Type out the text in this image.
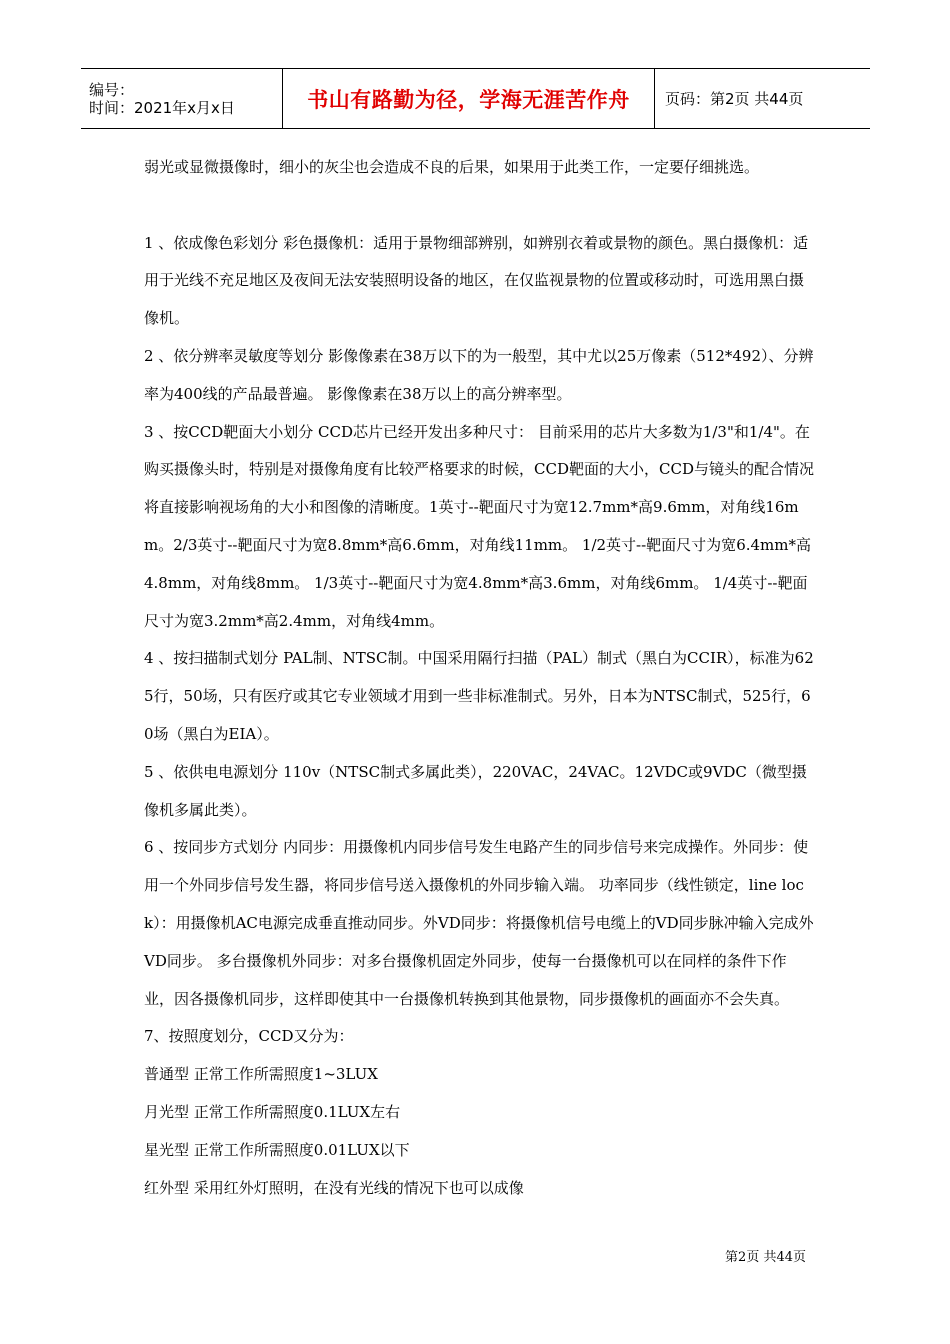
编号：
时间：2021年x月x日	书山有路勤为径，学海无涯苦作舟	页码：第2页 共44页

弱光或显微摄像时，细小的灰尘也会造成不良的后果，如果用于此类工作，一定要仔细挑选。

1 、依成像色彩划分 彩色摄像机：适用于景物细部辨别，如辨别衣着或景物的颜色。黑白摄像机：适用于光线不充足地区及夜间无法安装照明设备的地区，在仅监视景物的位置或移动时，可选用黑白摄像机。

2 、依分辨率灵敏度等划分 影像像素在38万以下的为一般型，其中尤以25万像素（512*492）、分辨率为400线的产品最普遍。 影像像素在38万以上的高分辨率型。

3 、按CCD靶面大小划分 CCD芯片已经开发出多种尺寸： 目前采用的芯片大多数为1/3"和1/4"。在购买摄像头时，特别是对摄像角度有比较严格要求的时候，CCD靶面的大小，CCD与镜头的配合情况将直接影响视场角的大小和图像的清晰度。1英寸--靶面尺寸为宽12.7mm*高9.6mm，对角线16mm。2/3英寸--靶面尺寸为宽8.8mm*高6.6mm，对角线11mm。 1/2英寸--靶面尺寸为宽6.4mm*高4.8mm，对角线8mm。 1/3英寸--靶面尺寸为宽4.8mm*高3.6mm，对角线6mm。 1/4英寸--靶面尺寸为宽3.2mm*高2.4mm，对角线4mm。

4 、按扫描制式划分 PAL制、NTSC制。中国采用隔行扫描（PAL）制式（黑白为CCIR），标准为625行，50场，只有医疗或其它专业领域才用到一些非标准制式。另外，日本为NTSC制式，525行，60场（黑白为EIA）。

5 、依供电电源划分 110v（NTSC制式多属此类），220VAC，24VAC。12VDC或9VDC（微型摄像机多属此类）。

6 、按同步方式划分 内同步：用摄像机内同步信号发生电路产生的同步信号来完成操作。外同步：使用一个外同步信号发生器，将同步信号送入摄像机的外同步输入端。 功率同步（线性锁定，line lock）：用摄像机AC电源完成垂直推动同步。外VD同步：将摄像机信号电缆上的VD同步脉冲输入完成外VD同步。 多台摄像机外同步：对多台摄像机固定外同步，使每一台摄像机可以在同样的条件下作业，因各摄像机同步，这样即使其中一台摄像机转换到其他景物，同步摄像机的画面亦不会失真。

7、按照度划分，CCD又分为：

普通型 正常工作所需照度1~3LUX

月光型 正常工作所需照度0.1LUX左右

星光型 正常工作所需照度0.01LUX以下

红外型 采用红外灯照明，在没有光线的情况下也可以成像

第2页 共44页
